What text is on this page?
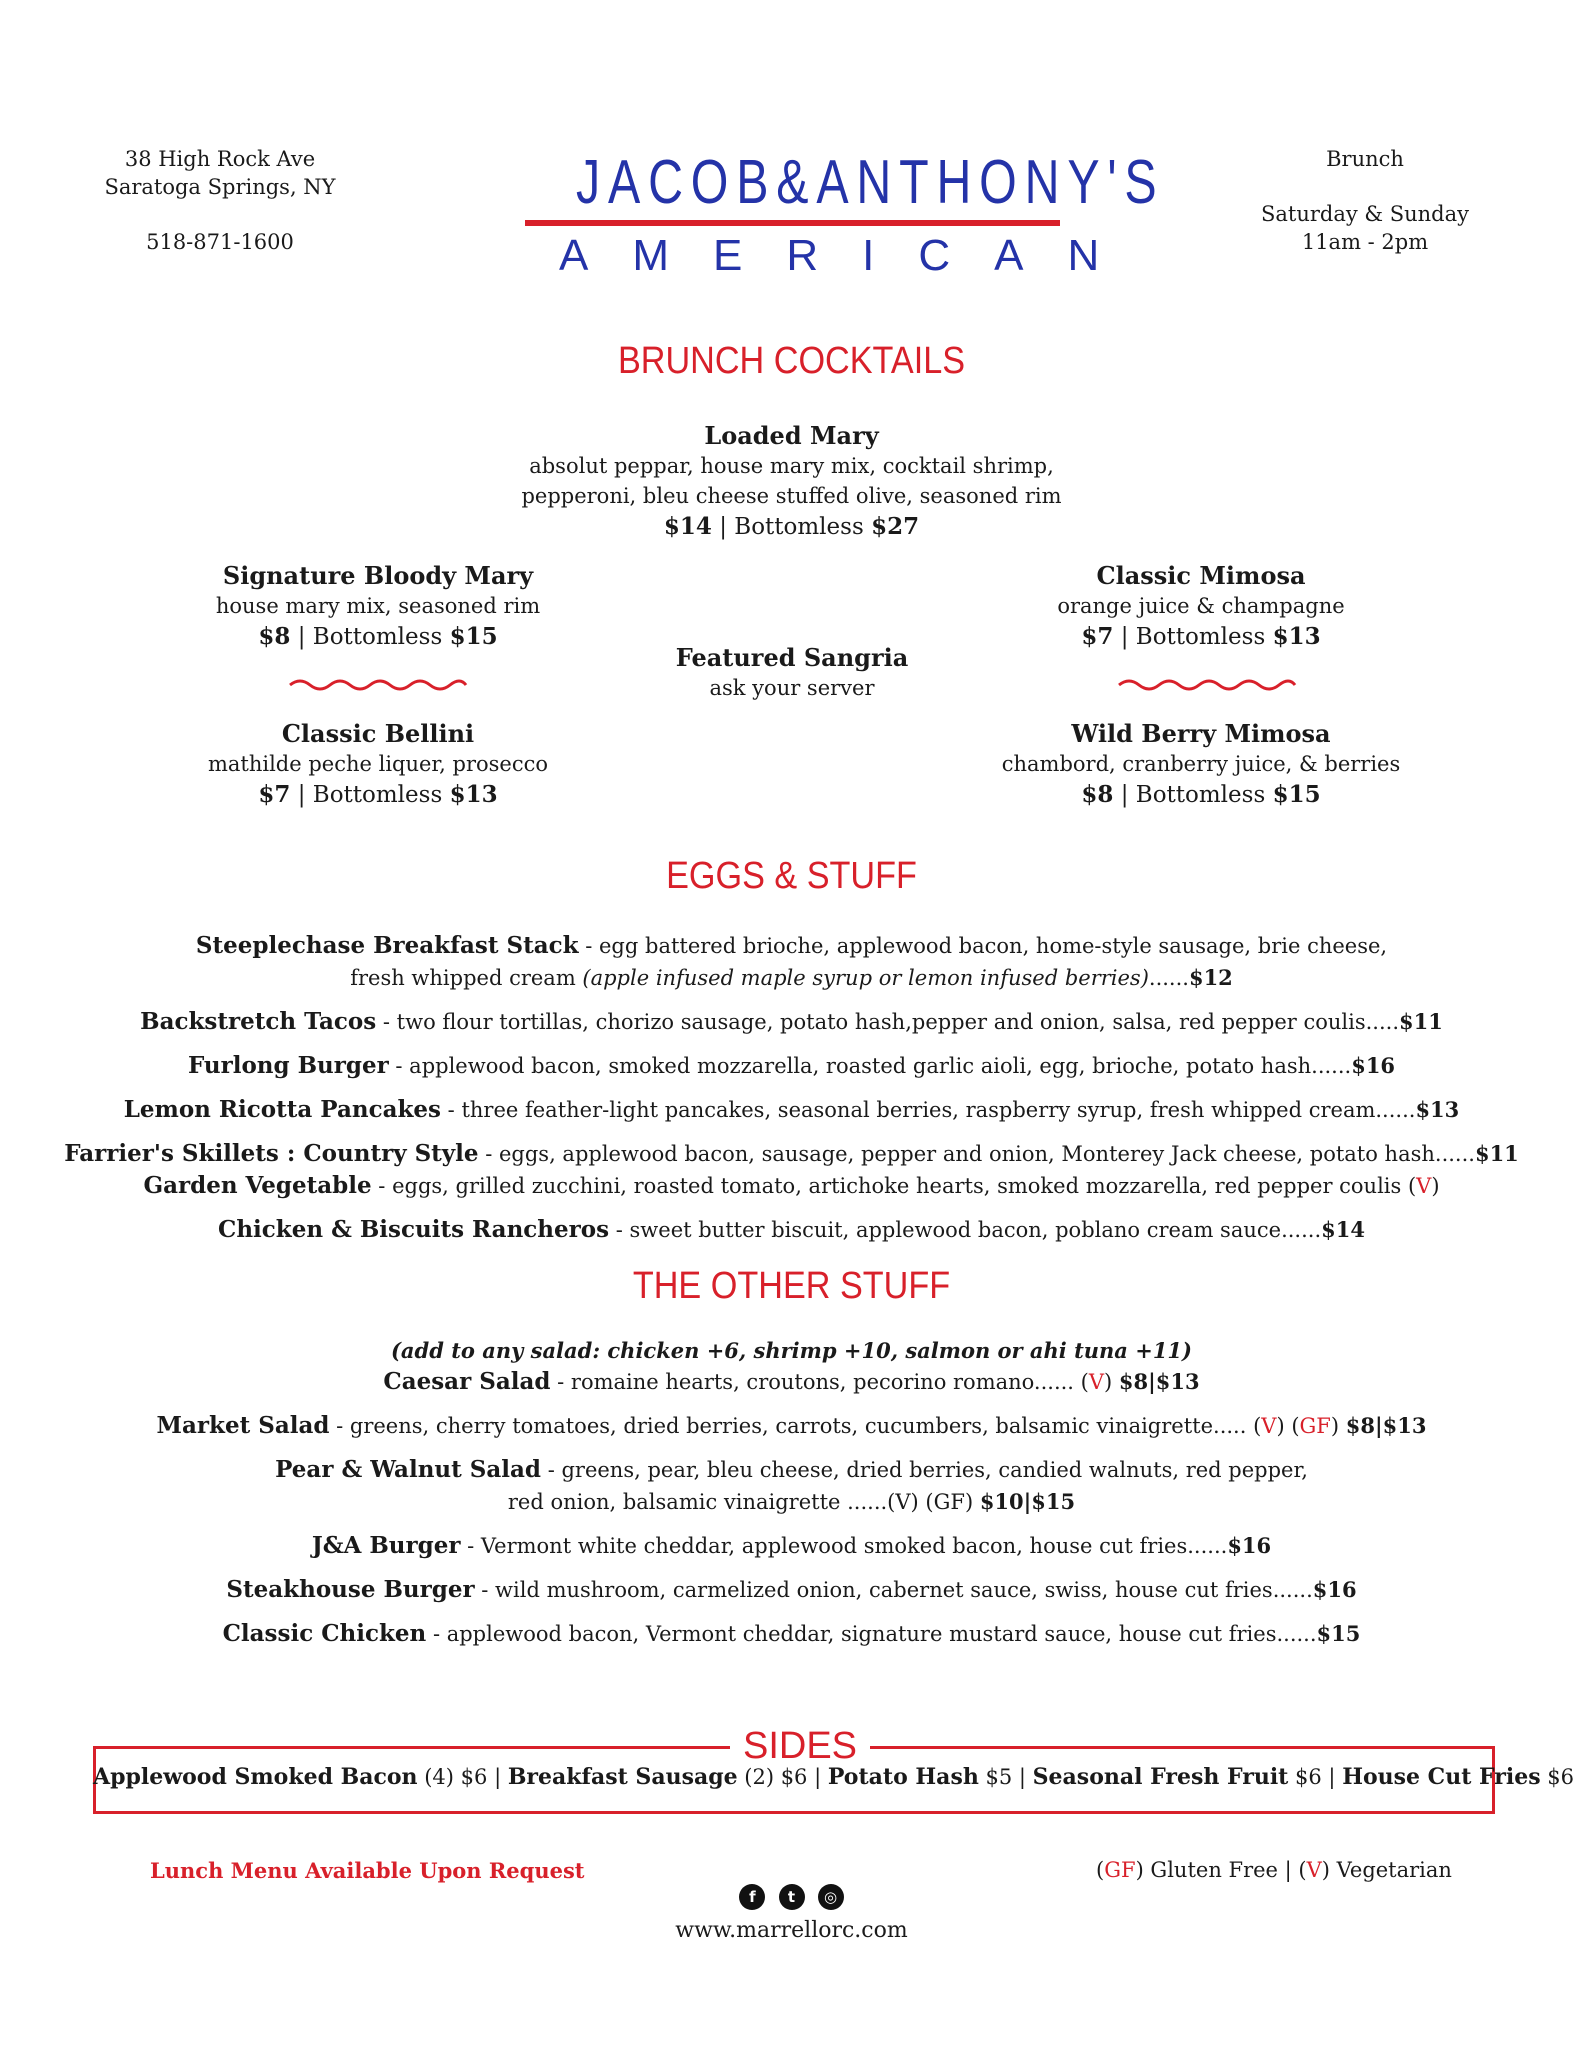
38 High Rock Ave
Saratoga Springs, NY
518-871-1600
JACOB&ANTHONY'S
AMERICAN
Brunch
Saturday & Sunday
11am - 2pm
BRUNCH COCKTAILS
Loaded Mary
absolut peppar, house mary mix, cocktail shrimp,
pepperoni, bleu cheese stuffed olive, seasoned rim
$14 | Bottomless $27
Signature Bloody Mary
house mary mix, seasoned rim
$8 | Bottomless $15
Classic Bellini
mathilde peche liquer, prosecco
$7 | Bottomless $13
Featured Sangria
ask your server
Classic Mimosa
orange juice & champagne
$7 | Bottomless $13
Wild Berry Mimosa
chambord, cranberry juice, & berries
$8 | Bottomless $15
EGGS & STUFF
Steeplechase Breakfast Stack - egg battered brioche, applewood bacon, home-style sausage, brie cheese,
fresh whipped cream (apple infused maple syrup or lemon infused berries)......$12
Backstretch Tacos - two flour tortillas, chorizo sausage, potato hash,pepper and onion, salsa, red pepper coulis.....$11
Furlong Burger - applewood bacon, smoked mozzarella, roasted garlic aioli, egg, brioche, potato hash......$16
Lemon Ricotta Pancakes - three feather-light pancakes, seasonal berries, raspberry syrup, fresh whipped cream......$13
Farrier's Skillets : Country Style - eggs, applewood bacon, sausage, pepper and onion, Monterey Jack cheese, potato hash......$11
Garden Vegetable - eggs, grilled zucchini, roasted tomato, artichoke hearts, smoked mozzarella, red pepper coulis (V)
Chicken & Biscuits Rancheros - sweet butter biscuit, applewood bacon, poblano cream sauce......$14
THE OTHER STUFF
(add to any salad: chicken +6, shrimp +10, salmon or ahi tuna +11)
Caesar Salad - romaine hearts, croutons, pecorino romano...... (V) $8|$13
Market Salad - greens, cherry tomatoes, dried berries, carrots, cucumbers, balsamic vinaigrette..... (V) (GF) $8|$13
Pear & Walnut Salad - greens, pear, bleu cheese, dried berries, candied walnuts, red pepper,
red onion, balsamic vinaigrette ......(V) (GF) $10|$15
J&A Burger - Vermont white cheddar, applewood smoked bacon, house cut fries......$16
Steakhouse Burger - wild mushroom, carmelized onion, cabernet sauce, swiss, house cut fries......$16
Classic Chicken - applewood bacon, Vermont cheddar, signature mustard sauce, house cut fries......$15
SIDES
Applewood Smoked Bacon (4) $6 | Breakfast Sausage (2) $6 | Potato Hash $5 | Seasonal Fresh Fruit $6 | House Cut Fries $6
Lunch Menu Available Upon Request	(GF) Gluten Free | (V) Vegetarian
f t ◎
www.marrellorc.com
